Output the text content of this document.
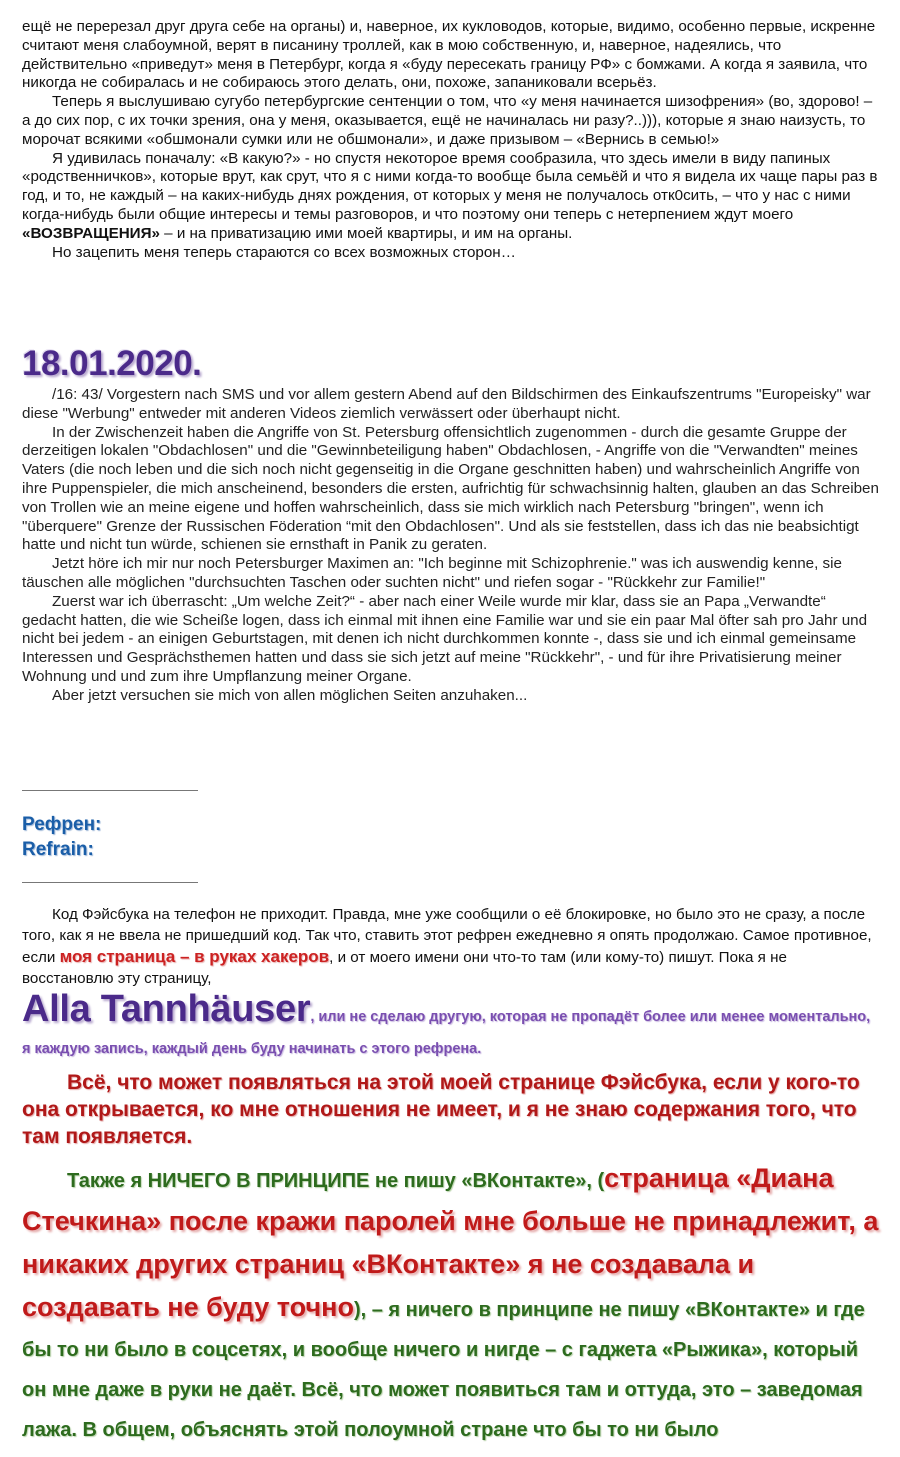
ещё не перерезал друг друга себе на органы) и, наверное, их кукловодов, которые, видимо, особенно первые, искренне считают меня слабоумной, верят в писанину троллей, как в мою собственную, и, наверное, надеялись, что действительно «приведут» меня в Петербург, когда я «буду пересекать границу РФ» с бомжами. А когда я заявила, что никогда не собиралась и не собираюсь этого делать, они, похоже, запаниковали всерьёз.

Теперь я выслушиваю сугубо петербургские сентенции о том, что «у меня начинается шизофрения» (во, здорово! – а до сих пор, с их точки зрения, она у меня, оказывается, ещё не начиналась ни разу?..))), которые я знаю наизусть, то морочат всякими «обшмонали сумки или не обшмонали», и даже призывом – «Вернись в семью!»

Я удивилась поначалу: «В какую?» - но спустя некоторое время сообразила, что здесь имели в виду папиных «родственничков», которые врут, как срут, что я с ними когда-то вообще была семьёй и что я видела их чаще пары раз в год, и то, не каждый – на каких-нибудь днях рождения, от которых у меня не получалось отк0сить, – что у нас с ними когда-нибудь были общие интересы и темы разговоров, и что поэтому они теперь с нетерпением ждут моего «ВОЗВРАЩЕНИЯ» – и на приватизацию ими моей квартиры, и им на органы.

Но зацепить меня теперь стараются со всех возможных сторон…

18.01.2020.

/16: 43/ Vorgestern nach SMS und vor allem gestern Abend auf den Bildschirmen des Einkaufszentrums "Europeisky" war diese "Werbung" entweder mit anderen Videos ziemlich verwässert oder überhaupt nicht.

In der Zwischenzeit haben die Angriffe von St. Petersburg offensichtlich zugenommen - durch die gesamte Gruppe der derzeitigen lokalen "Obdachlosen" und die "Gewinnbeteiligung haben" Obdachlosen, - Angriffe von die "Verwandten" meines Vaters (die noch leben und die sich noch nicht gegenseitig in die Organe geschnitten haben) und wahrscheinlich Angriffe von ihre Puppenspieler, die mich anscheinend, besonders die ersten, aufrichtig für schwachsinnig halten, glauben an das Schreiben von Trollen wie an meine eigene und hoffen wahrscheinlich, dass sie mich wirklich nach Petersburg "bringen", wenn ich "überquere" Grenze der Russischen Föderation “mit den Obdachlosen". Und als sie feststellen, dass ich das nie beabsichtigt hatte und nicht tun würde, schienen sie ernsthaft in Panik zu geraten.

Jetzt höre ich mir nur noch Petersburger Maximen an: "Ich beginne mit Schizophrenie." was ich auswendig kenne, sie täuschen alle möglichen "durchsuchten Taschen oder suchten nicht" und riefen sogar - "Rückkehr zur Familie!"

Zuerst war ich überrascht: „Um welche Zeit?“ - aber nach einer Weile wurde mir klar, dass sie an Papa „Verwandte“ gedacht hatten, die wie Scheiße logen, dass ich einmal mit ihnen eine Familie war und sie ein paar Mal öfter sah pro Jahr und nicht bei jedem - an einigen Geburtstagen, mit denen ich nicht durchkommen konnte -, dass sie und ich einmal gemeinsame Interessen und Gesprächsthemen hatten und dass sie sich jetzt auf meine "Rückkehr", - und für ihre Privatisierung meiner Wohnung und und zum ihre Umpflanzung meiner Organe.

Aber jetzt versuchen sie mich von allen möglichen Seiten anzuhaken...

Рефрен:
Refrain:

Код Фэйсбука на телефон не приходит. Правда, мне уже сообщили о её блокировке, но было это не сразу, а после того, как я не ввела не пришедший код. Так что, ставить этот рефрен ежедневно я опять продолжаю. Самое противное, если моя страница – в руках хакеров, и от моего имени они что-то там (или кому-то) пишут. Пока я не восстановлю эту страницу,

Alla Tannhäuser, или не сделаю другую, которая не пропадёт более или менее моментально, я каждую запись, каждый день буду начинать с этого рефрена.

Всё, что может появляться на этой моей странице Фэйсбука, если у кого-то она открывается, ко мне отношения не имеет, и я не знаю содержания того, что там появляется.

Также я НИЧЕГО В ПРИНЦИПЕ не пишу «ВКонтакте», (страница «Диана Стечкина» после кражи паролей мне больше не принадлежит, а никаких других страниц «ВКонтакте» я не создавала и создавать не буду точно), – я ничего в принципе не пишу «ВКонтакте» и где бы то ни было в соцсетях, и вообще ничего и нигде – с гаджета «Рыжика», который он мне даже в руки не даёт. Всё, что может появиться там и оттуда, это – заведомая лажа. В общем, объяснять этой полоумной стране что бы то ни было
